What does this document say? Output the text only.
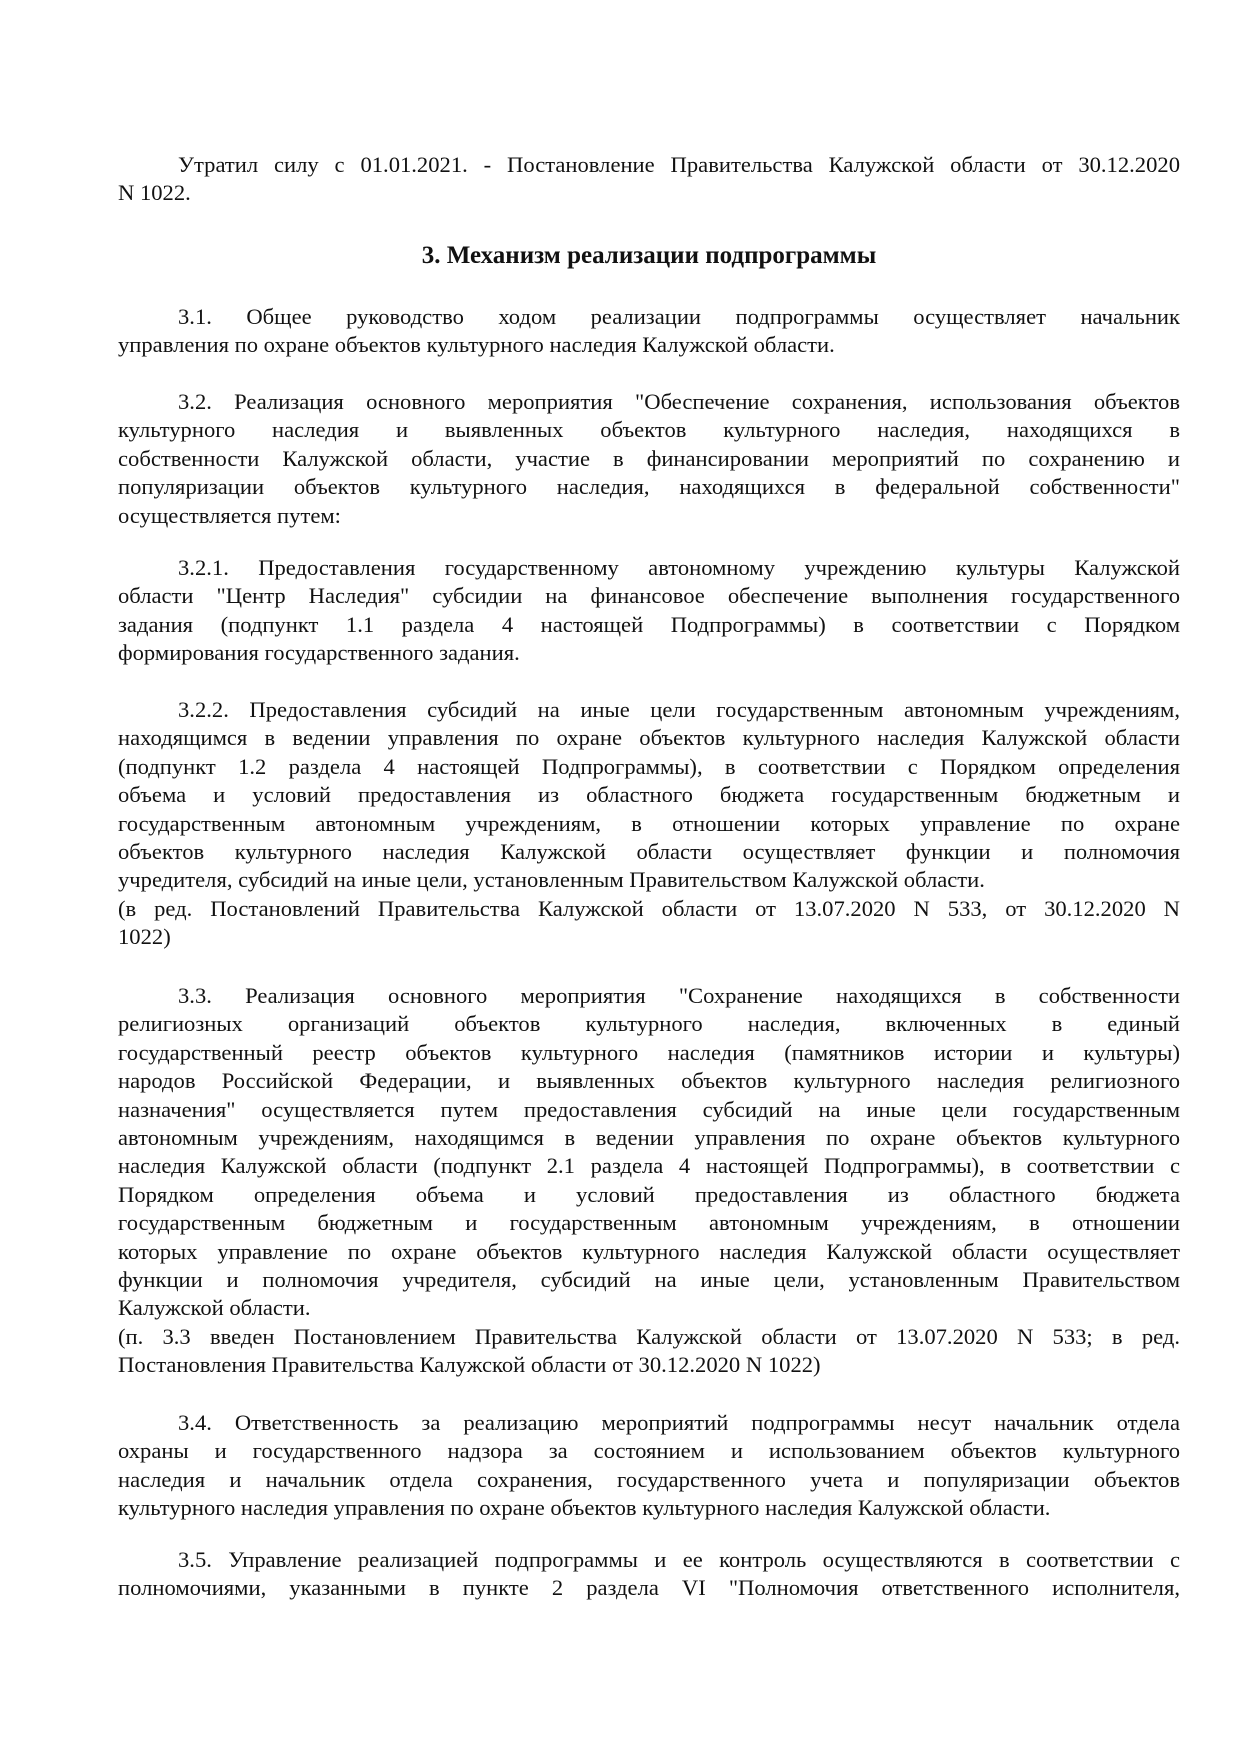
3. Механизм реализации подпрограммы
Утратил силу с 01.01.2021. - Постановление Правительства Калужской области от 30.12.2020
N 1022.
3.1. Общее руководство ходом реализации подпрограммы осуществляет начальник
управления по охране объектов культурного наследия Калужской области.
3.2. Реализация основного мероприятия "Обеспечение сохранения, использования объектов
культурного наследия и выявленных объектов культурного наследия, находящихся в
собственности Калужской области, участие в финансировании мероприятий по сохранению и
популяризации объектов культурного наследия, находящихся в федеральной собственности"
осуществляется путем:
3.2.1. Предоставления государственному автономному учреждению культуры Калужской
области "Центр Наследия" субсидии на финансовое обеспечение выполнения государственного
задания (подпункт 1.1 раздела 4 настоящей Подпрограммы) в соответствии с Порядком
формирования государственного задания.
3.2.2. Предоставления субсидий на иные цели государственным автономным учреждениям,
находящимся в ведении управления по охране объектов культурного наследия Калужской области
(подпункт 1.2 раздела 4 настоящей Подпрограммы), в соответствии с Порядком определения
объема и условий предоставления из областного бюджета государственным бюджетным и
государственным автономным учреждениям, в отношении которых управление по охране
объектов культурного наследия Калужской области осуществляет функции и полномочия
учредителя, субсидий на иные цели, установленным Правительством Калужской области.
(в ред. Постановлений Правительства Калужской области от 13.07.2020 N 533, от 30.12.2020 N
1022)
3.3. Реализация основного мероприятия "Сохранение находящихся в собственности
религиозных организаций объектов культурного наследия, включенных в единый
государственный реестр объектов культурного наследия (памятников истории и культуры)
народов Российской Федерации, и выявленных объектов культурного наследия религиозного
назначения" осуществляется путем предоставления субсидий на иные цели государственным
автономным учреждениям, находящимся в ведении управления по охране объектов культурного
наследия Калужской области (подпункт 2.1 раздела 4 настоящей Подпрограммы), в соответствии с
Порядком определения объема и условий предоставления из областного бюджета
государственным бюджетным и государственным автономным учреждениям, в отношении
которых управление по охране объектов культурного наследия Калужской области осуществляет
функции и полномочия учредителя, субсидий на иные цели, установленным Правительством
Калужской области.
(п. 3.3 введен Постановлением Правительства Калужской области от 13.07.2020 N 533; в ред.
Постановления Правительства Калужской области от 30.12.2020 N 1022)
3.4. Ответственность за реализацию мероприятий подпрограммы несут начальник отдела
охраны и государственного надзора за состоянием и использованием объектов культурного
наследия и начальник отдела сохранения, государственного учета и популяризации объектов
культурного наследия управления по охране объектов культурного наследия Калужской области.
3.5. Управление реализацией подпрограммы и ее контроль осуществляются в соответствии с
полномочиями, указанными в пункте 2 раздела VI "Полномочия ответственного исполнителя,
